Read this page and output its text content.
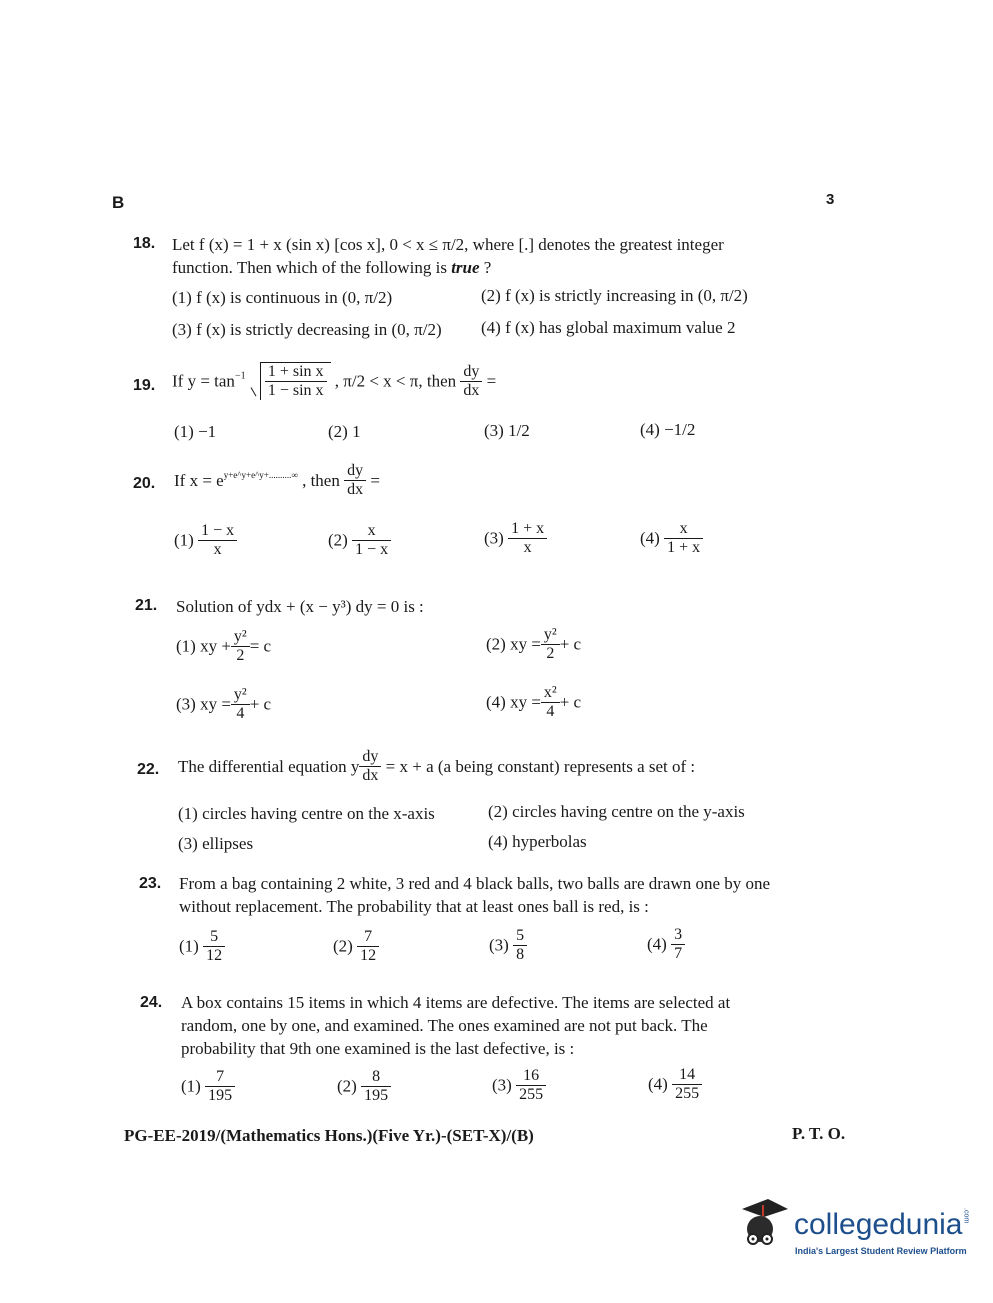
B	3
18. Let f (x) = 1 + x (sin x) [cos x], 0 < x ≤ π/2, where [.] denotes the greatest integer
function. Then which of the following is true ?
(1) f (x) is continuous in (0, π/2)	(2) f (x) is strictly increasing in (0, π/2)
(3) f (x) is strictly decreasing in (0, π/2) (4) f (x) has global maximum value 2
19. If $y = \tan^{-1} \frac{\text{1 + sin x}}{\text{1 − sin x}}$ , π/2 < x < π, then $\frac{dy}{dx}$ =
(1) −1	(2) 1	(3) 1/2	(4) −1/2
20. If $x = e^{y+e\^{}y+e\^{}y+..........\infty}$ , then $\frac{dy}{dx}$ =
$(1) \frac{1 - x}{x}$	$(2) \frac{x}{1 - x}$	$(3) \frac{1 + x}{x}$	$(4) \frac{x}{1 + x}$
21. Solution of ydx + (x − y³) dy = 0 is :
(1) xy + $\frac{\text{y²}}{2} = c$	(2) xy = $\frac{\text{y²}}{2} + c$
(3) xy = $\frac{\text{y²}}{4} + c$	(4) xy = $\frac{\text{x²}}{4} + c$
22. The differential equation y $\frac{dy}{dx} = x + a$ (a being constant) represents a set of :
(1) circles having centre on the x-axis	(2) circles having centre on the y-axis
(3) ellipses	(4) hyperbolas
23. From a bag containing 2 white, 3 red and 4 black balls, two balls are drawn one by one
without replacement. The probability that at least ones ball is red, is :
$(1) \frac{5}{12}$	$(2) \frac{7}{12}$	$(3) \frac{5}{8}$	$(4) \frac{3}{7}$
24. A box contains 15 items in which 4 items are defective. The items are selected at
random, one by one, and examined. The ones examined are not put back. The
probability that 9th one examined is the last defective, is :
$(1) \frac{7}{195}$	$(2) \frac{8}{195}$	$(3) \frac{16}{255}$	$(4) \frac{14}{255}$
PG-EE-2019/(Mathematics Hons.)(Five Yr.)-(SET-X)/(B)	P. T. O.
collegedunia.com
India's Largest Student Review Platform
